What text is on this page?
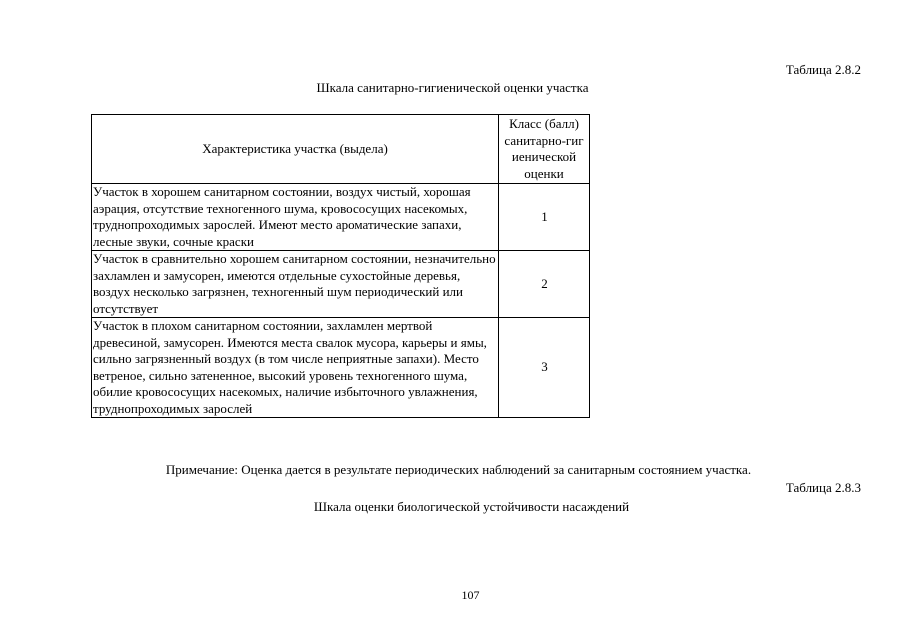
Таблица 2.8.2
Шкала санитарно-гигиенической оценки участка
Характеристика участка (выдела)	Класс (балл) санитарно-гиг иенической оценки
Участок в хорошем санитарном состоянии, воздух чистый, хорошая аэрация, отсутствие техногенного шума, кровососущих насекомых, труднопроходимых зарослей. Имеют место ароматические запахи, лесные звуки, сочные краски	1
Участок в сравнительно хорошем санитарном состоянии, незначительно захламлен и замусорен, имеются отдельные сухостойные деревья, воздух несколько загрязнен, техногенный шум периодический или отсутствует	2
Участок в плохом санитарном состоянии, захламлен мертвой древесиной, замусорен. Имеются места свалок мусора, карьеры и ямы, сильно загрязненный воздух (в том числе неприятные запахи). Место ветреное, сильно затененное, высокий уровень техногенного шума, обилие кровососущих насекомых, наличие избыточного увлажнения, труднопроходимых зарослей	3
Примечание: Оценка дается в результате периодических наблюдений за санитарным состоянием участка.
Таблица 2.8.3
Шкала оценки биологической устойчивости насаждений
107
